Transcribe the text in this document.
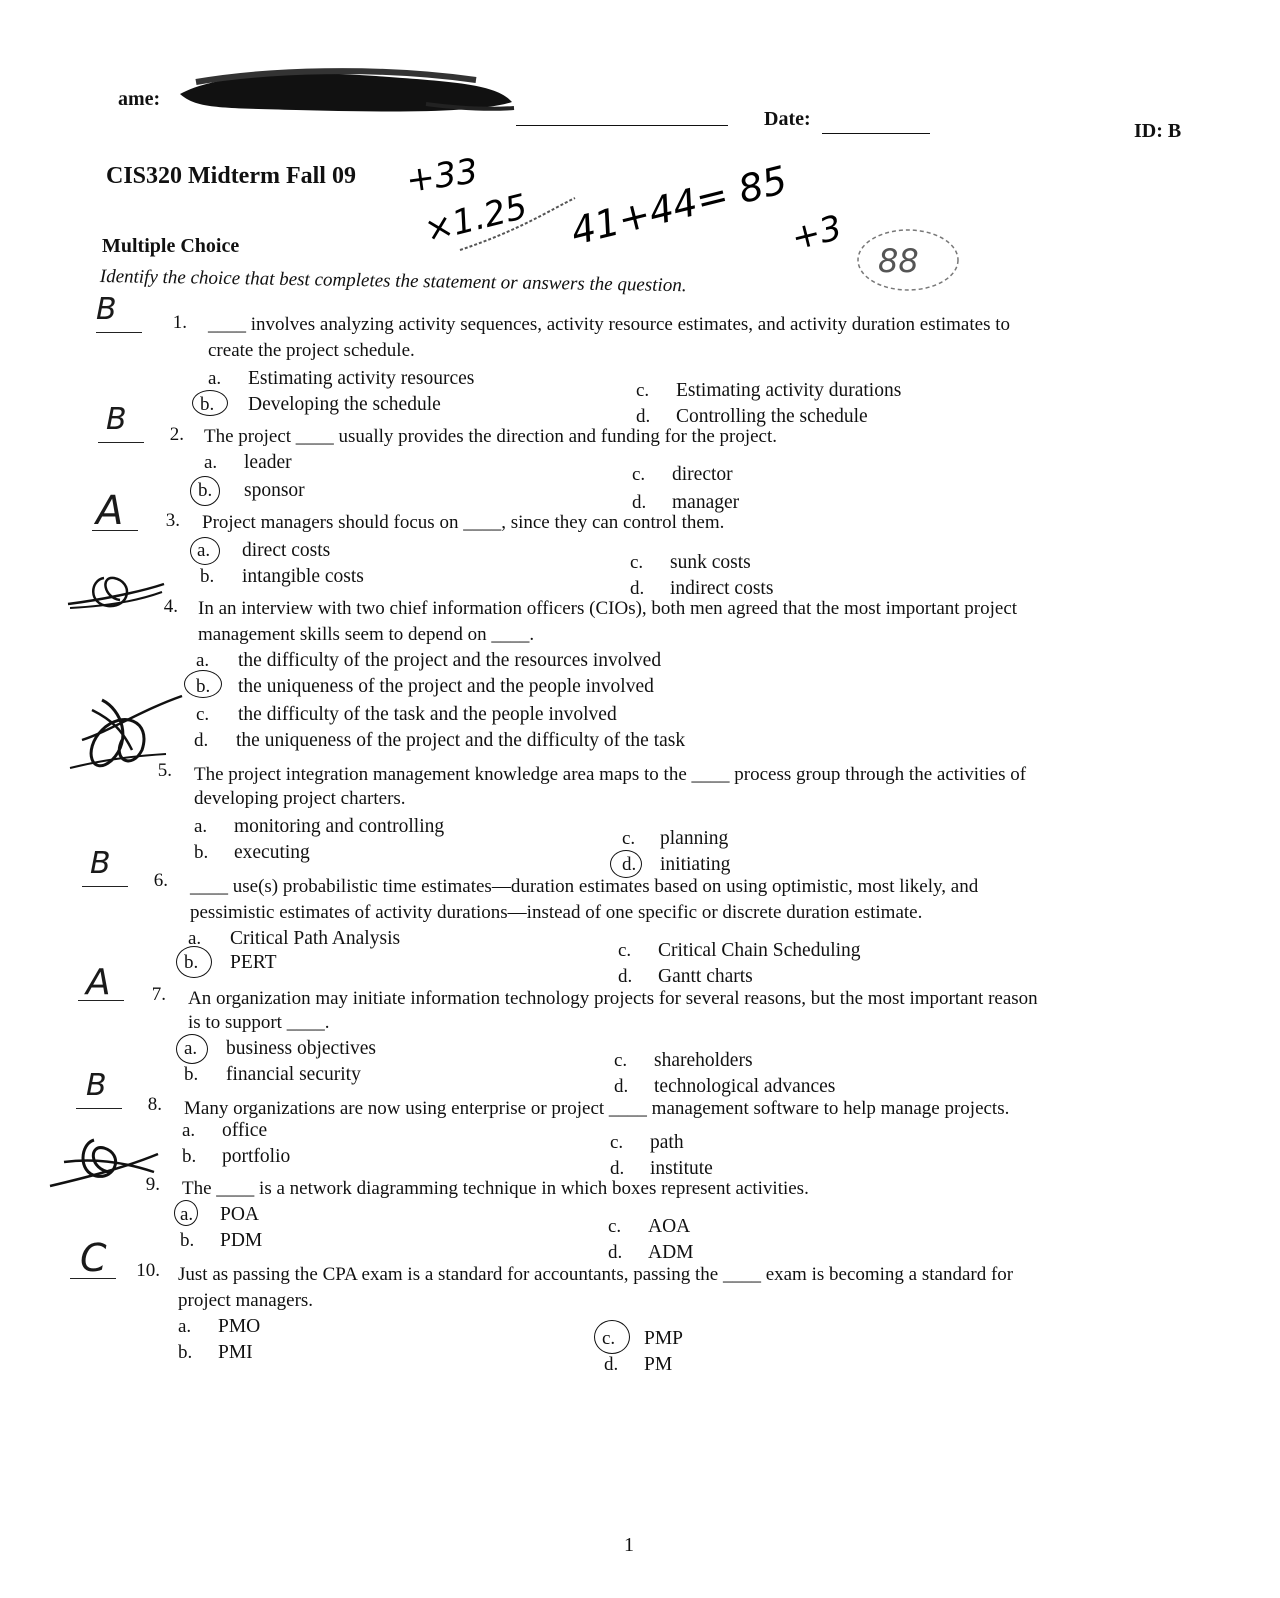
ame:
Date:
ID: B
CIS320 Midterm Fall 09
Multiple Choice
Identify the choice that best completes the statement or answers the question.
+33
×1.25 41+44= 85
+3
88
B	1. ____ involves analyzing activity sequences, activity resource estimates, and activity duration estimates to
create the project schedule.
a.	Estimating activity resources
b.	Developing the schedule
c.	Estimating activity durations
d.	Controlling the schedule
B	2. The project ____ usually provides the direction and funding for the project.
a.	leader
b.	sponsor
c.	director
d.	manager
A	3. Project managers should focus on ____, since they can control them.
a.	direct costs
b.	intangible costs
c.	sunk costs
d.	indirect costs
4. In an interview with two chief information officers (CIOs), both men agreed that the most important project
management skills seem to depend on ____.
a.	the difficulty of the project and the resources involved
b.	the uniqueness of the project and the people involved
c.	the difficulty of the task and the people involved
d.	the uniqueness of the project and the difficulty of the task
5. The project integration management knowledge area maps to the ____ process group through the activities of
developing project charters.
a.	monitoring and controlling
b.	executing
c.	planning
d.	initiating
B	6. ____ use(s) probabilistic time estimates—duration estimates based on using optimistic, most likely, and
pessimistic estimates of activity durations—instead of one specific or discrete duration estimate.
a.	Critical Path Analysis
b.	PERT
c.	Critical Chain Scheduling
d.	Gantt charts
A	7. An organization may initiate information technology projects for several reasons, but the most important reason
is to support ____.
a.	business objectives
b.	financial security
c.	shareholders
d.	technological advances
B
8. Many organizations are now using enterprise or project ____ management software to help manage projects.
a.	office
b.	portfolio
c.	path
d.	institute
9. The ____ is a network diagramming technique in which boxes represent activities.
a.	POA
b.	PDM
c.	AOA
d.	ADM
C	10. Just as passing the CPA exam is a standard for accountants, passing the ____ exam is becoming a standard for
project managers.
a.	PMO
b.	PMI
c.	PMP
d.	PM
1
